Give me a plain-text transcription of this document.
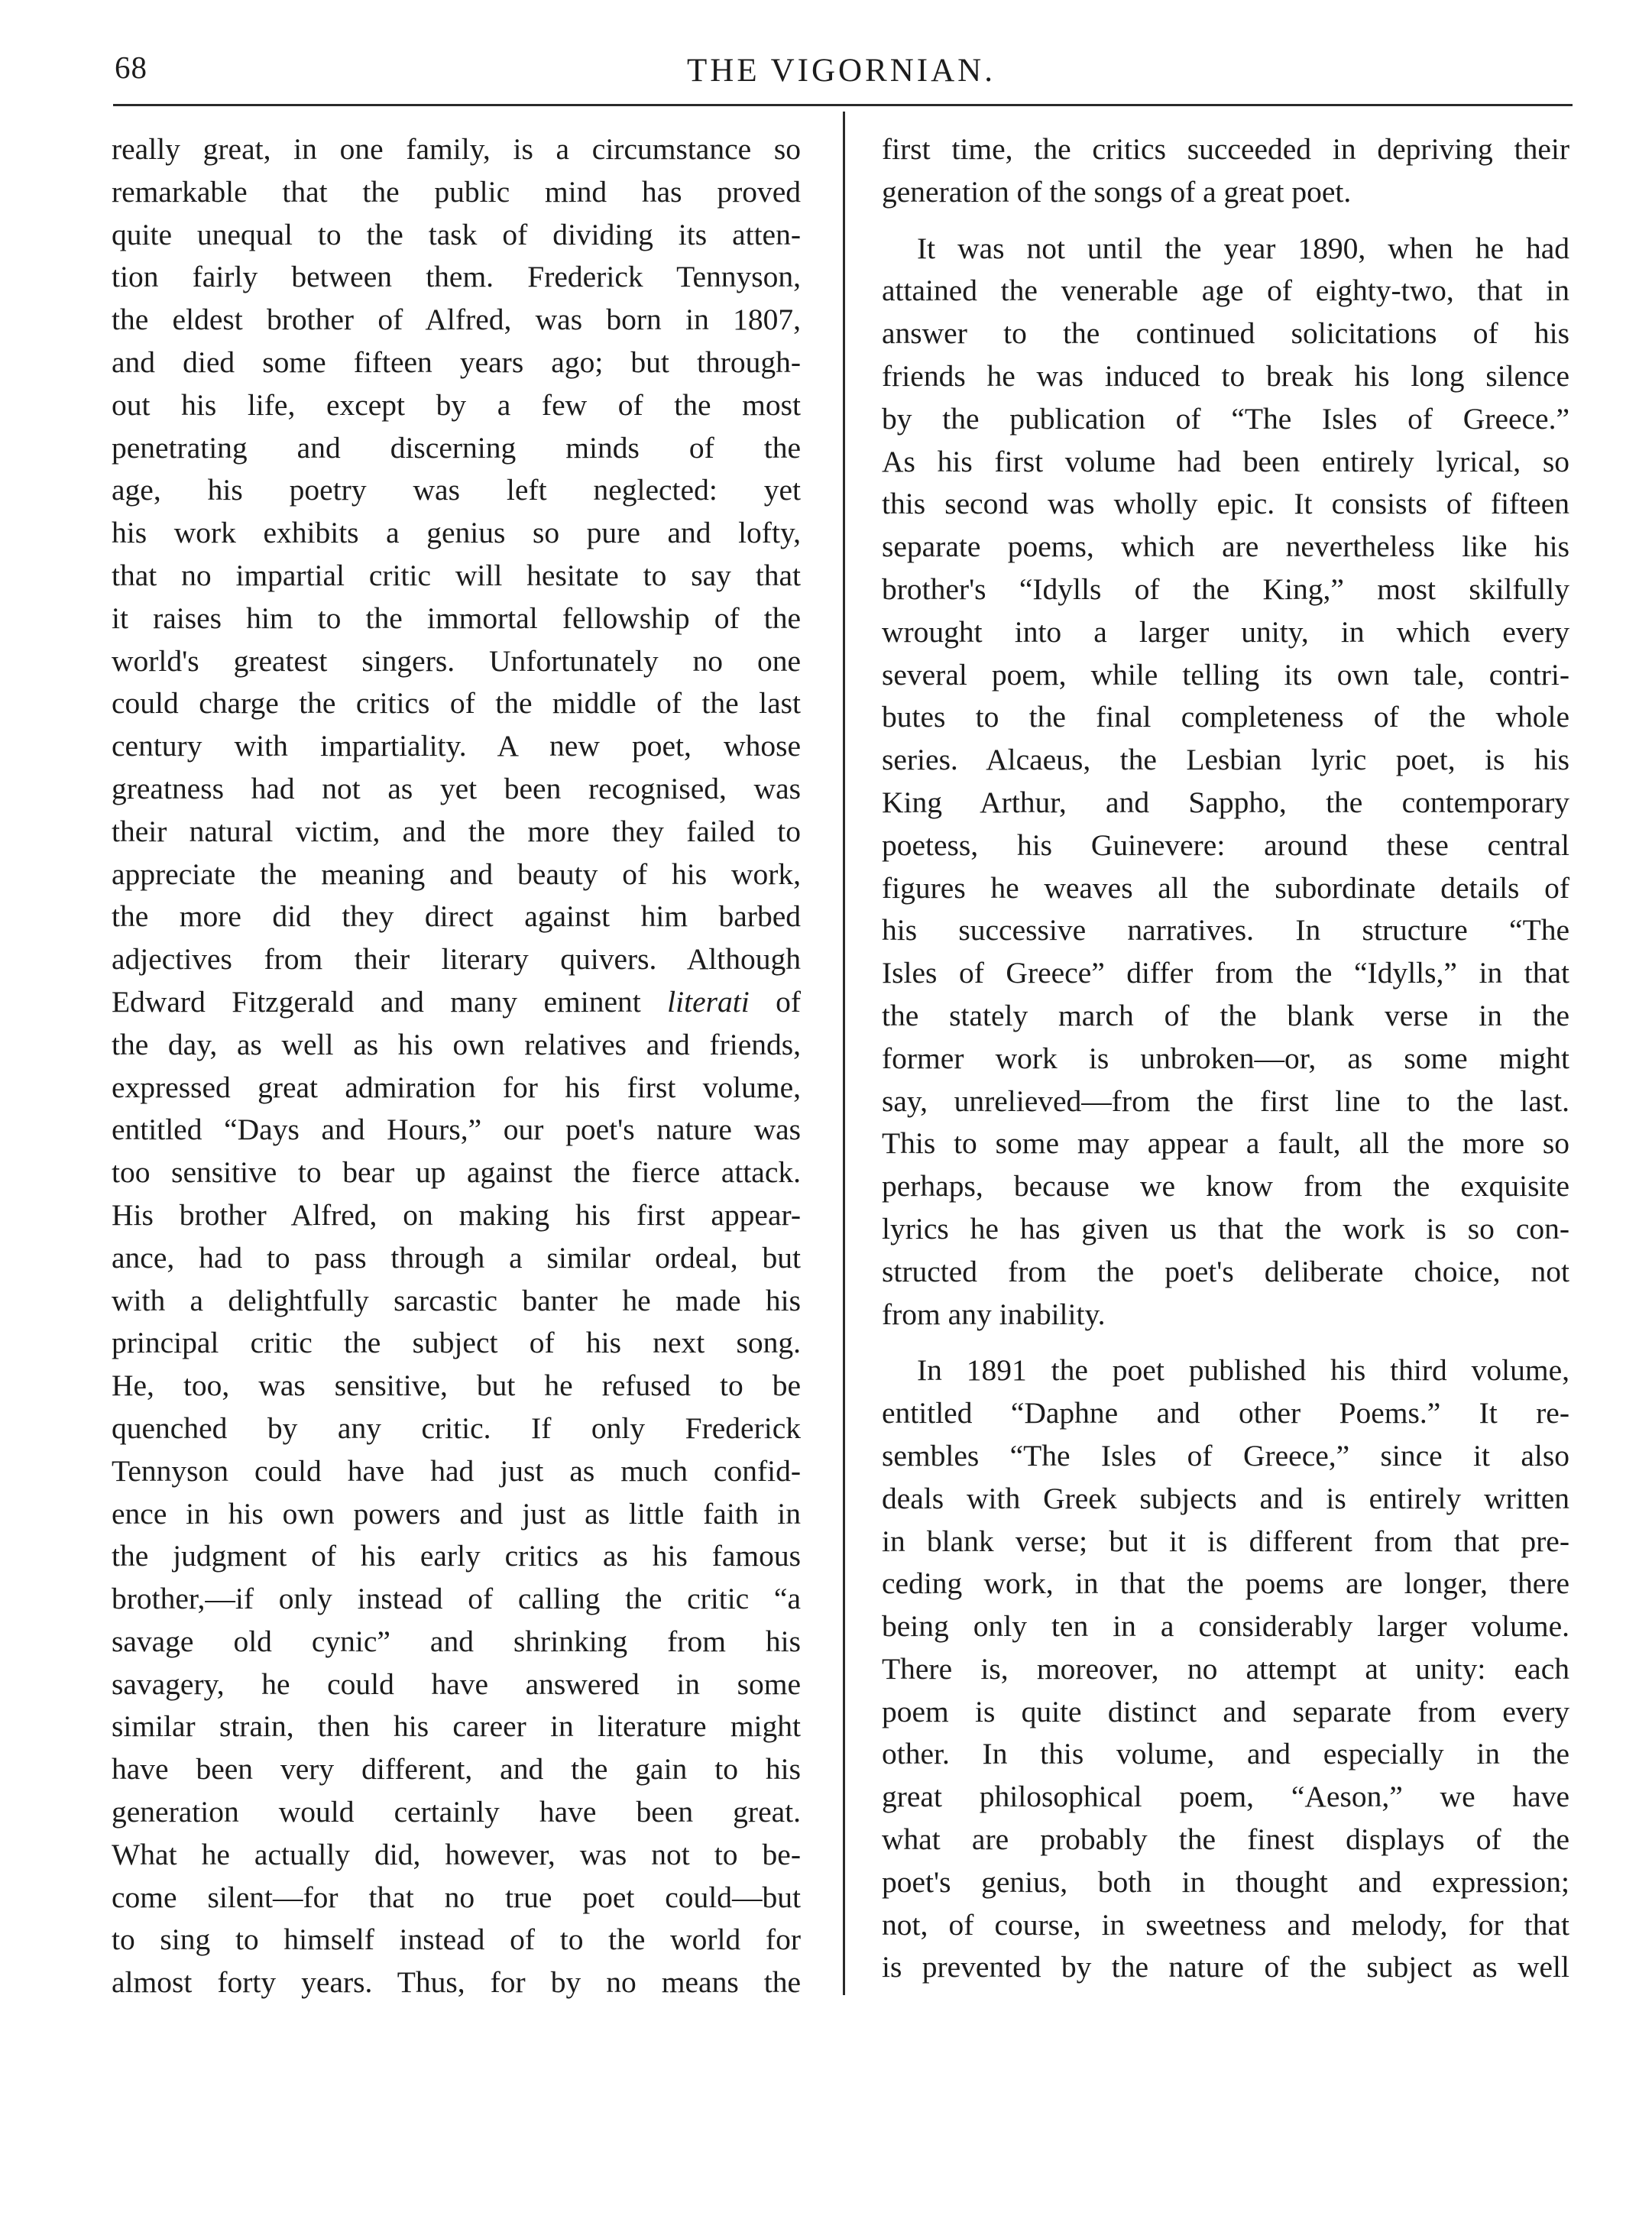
68	THE VIGORNIAN.
really great, in one family, is a circumstance so
remarkable that the public mind has proved
quite unequal to the task of dividing its atten-
tion fairly between them. Frederick Tennyson,
the eldest brother of Alfred, was born in 1807,
and died some fifteen years ago; but through-
out his life, except by a few of the most
penetrating and discerning minds of the
age, his poetry was left neglected: yet
his work exhibits a genius so pure and lofty,
that no impartial critic will hesitate to say that
it raises him to the immortal fellowship of the
world's greatest singers. Unfortunately no one
could charge the critics of the middle of the last
century with impartiality. A new poet, whose
greatness had not as yet been recognised, was
their natural victim, and the more they failed to
appreciate the meaning and beauty of his work,
the more did they direct against him barbed
adjectives from their literary quivers. Although
Edward Fitzgerald and many eminent literati of
the day, as well as his own relatives and friends,
expressed great admiration for his first volume,
entitled “Days and Hours,” our poet's nature was
too sensitive to bear up against the fierce attack.
His brother Alfred, on making his first appear-
ance, had to pass through a similar ordeal, but
with a delightfully sarcastic banter he made his
principal critic the subject of his next song.
He, too, was sensitive, but he refused to be
quenched by any critic. If only Frederick
Tennyson could have had just as much confid-
ence in his own powers and just as little faith in
the judgment of his early critics as his famous
brother,—if only instead of calling the critic “a
savage old cynic” and shrinking from his
savagery, he could have answered in some
similar strain, then his career in literature might
have been very different, and the gain to his
generation would certainly have been great.
What he actually did, however, was not to be-
come silent—for that no true poet could—but
to sing to himself instead of to the world for
almost forty years. Thus, for by no means the
first time, the critics succeeded in depriving their
generation of the songs of a great poet.
It was not until the year 1890, when he had
attained the venerable age of eighty-two, that in
answer to the continued solicitations of his
friends he was induced to break his long silence
by the publication of “The Isles of Greece.”
As his first volume had been entirely lyrical, so
this second was wholly epic. It consists of fifteen
separate poems, which are nevertheless like his
brother's “Idylls of the King,” most skilfully
wrought into a larger unity, in which every
several poem, while telling its own tale, contri-
butes to the final completeness of the whole
series. Alcaeus, the Lesbian lyric poet, is his
King Arthur, and Sappho, the contemporary
poetess, his Guinevere: around these central
figures he weaves all the subordinate details of
his successive narratives. In structure “The
Isles of Greece” differ from the “Idylls,” in that
the stately march of the blank verse in the
former work is unbroken—or, as some might
say, unrelieved—from the first line to the last.
This to some may appear a fault, all the more so
perhaps, because we know from the exquisite
lyrics he has given us that the work is so con-
structed from the poet's deliberate choice, not
from any inability.
In 1891 the poet published his third volume,
entitled “Daphne and other Poems.” It re-
sembles “The Isles of Greece,” since it also
deals with Greek subjects and is entirely written
in blank verse; but it is different from that pre-
ceding work, in that the poems are longer, there
being only ten in a considerably larger volume.
There is, moreover, no attempt at unity: each
poem is quite distinct and separate from every
other. In this volume, and especially in the
great philosophical poem, “Aeson,” we have
what are probably the finest displays of the
poet's genius, both in thought and expression;
not, of course, in sweetness and melody, for that
is prevented by the nature of the subject as well
